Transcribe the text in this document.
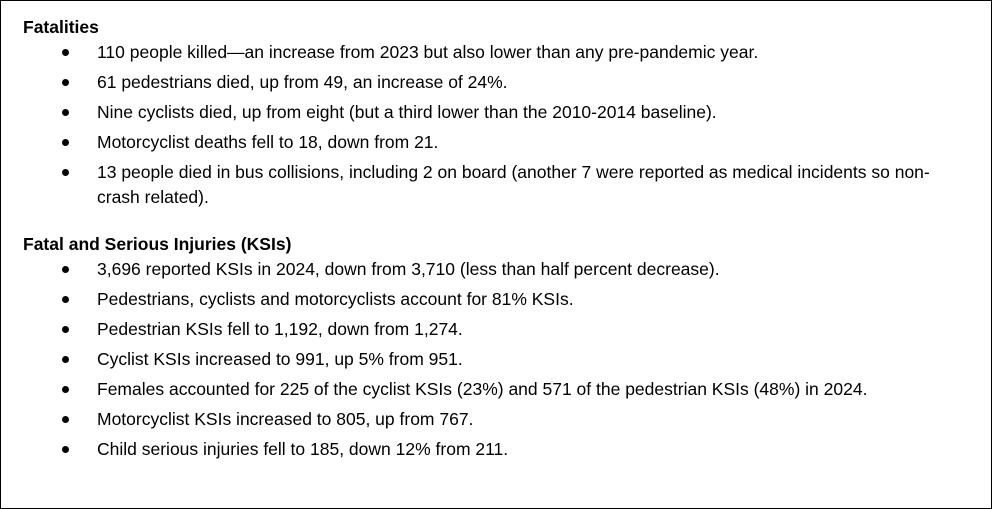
Fatalities
110 people killed—an increase from 2023 but also lower than any pre-pandemic year.
61 pedestrians died, up from 49, an increase of 24%.
Nine cyclists died, up from eight (but a third lower than the 2010-2014 baseline).
Motorcyclist deaths fell to 18, down from 21.
13 people died in bus collisions, including 2 on board (another 7 were reported as medical incidents so non-crash related).
Fatal and Serious Injuries (KSIs)
3,696 reported KSIs in 2024, down from 3,710 (less than half percent decrease).
Pedestrians, cyclists and motorcyclists account for 81% KSIs.
Pedestrian KSIs fell to 1,192, down from 1,274.
Cyclist KSIs increased to 991, up 5% from 951.
Females accounted for 225 of the cyclist KSIs (23%) and 571 of the pedestrian KSIs (48%) in 2024.
Motorcyclist KSIs increased to 805, up from 767.
Child serious injuries fell to 185, down 12% from 211.
